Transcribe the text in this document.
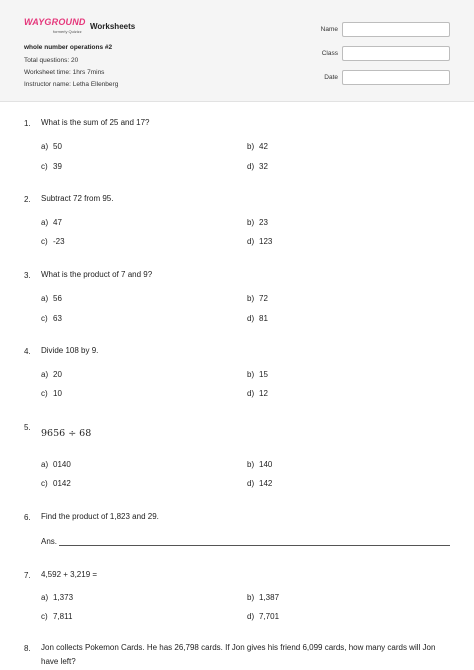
WAYGROUND
formerly Quizizz
Worksheets
whole number operations #2
Total questions: 20
Worksheet time: 1hrs 7mins
Instructor name: Letha Ellenberg
Name
Class
Date
1. What is the sum of 25 and 17?
a) 50	b) 42
c) 39	d) 32
2. Subtract 72 from 95.
a) 47	b) 23
c) -23	d) 123
3. What is the product of 7 and 9?
a) 56	b) 72
c) 63	d) 81
4. Divide 108 by 9.
a) 20	b) 15
c) 10	d) 12
5.
9656 ÷ 68
a) 0140	b) 140
c) 0142	d) 142
6. Find the product of 1,823 and 29.
Ans.
7. 4,592 + 3,219 =
a) 1,373	b) 1,387
c) 7,811	d) 7,701
8. Jon collects Pokemon Cards. He has 26,798 cards. If Jon gives his friend 6,099 cards, how many cards will Jon have left?
